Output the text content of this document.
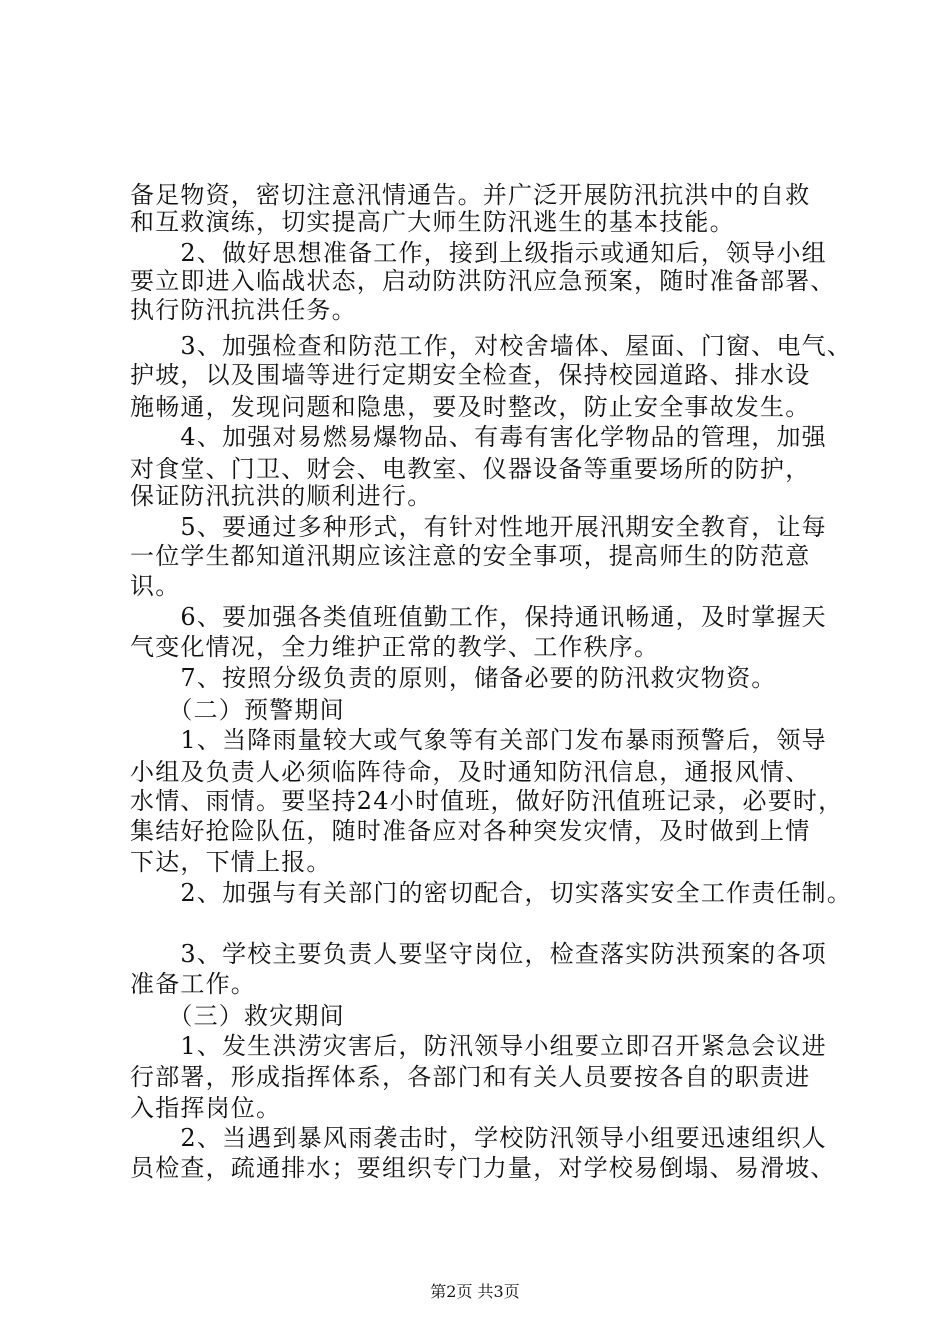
备足物资，密切注意汛情通告。并广泛开展防汛抗洪中的自救
和互救演练，切实提高广大师生防汛逃生的基本技能。
　　2、做好思想准备工作，接到上级指示或通知后，领导小组
要立即进入临战状态，启动防洪防汛应急预案，随时准备部署、
执行防汛抗洪任务。
　　3、加强检查和防范工作，对校舍墙体、屋面、门窗、电气、
护坡，以及围墙等进行定期安全检查，保持校园道路、排水设
施畅通，发现问题和隐患，要及时整改，防止安全事故发生。
　　4、加强对易燃易爆物品、有毒有害化学物品的管理，加强
对食堂、门卫、财会、电教室、仪器设备等重要场所的防护，
保证防汛抗洪的顺利进行。
　　5、要通过多种形式，有针对性地开展汛期安全教育，让每
一位学生都知道汛期应该注意的安全事项，提高师生的防范意
识。
　　6、要加强各类值班值勤工作，保持通讯畅通，及时掌握天
气变化情况，全力维护正常的教学、工作秩序。
　　7、按照分级负责的原则，储备必要的防汛救灾物资。
　　（二）预警期间
　　1、当降雨量较大或气象等有关部门发布暴雨预警后，领导
小组及负责人必须临阵待命，及时通知防汛信息，通报风情、
水情、雨情。要坚持24小时值班，做好防汛值班记录，必要时，
集结好抢险队伍，随时准备应对各种突发灾情，及时做到上情
下达，下情上报。
　　2、加强与有关部门的密切配合，切实落实安全工作责任制。
　　3、学校主要负责人要坚守岗位，检查落实防洪预案的各项
准备工作。
　　（三）救灾期间
　　1、发生洪涝灾害后，防汛领导小组要立即召开紧急会议进
行部署，形成指挥体系，各部门和有关人员要按各自的职责进
入指挥岗位。
　　2、当遇到暴风雨袭击时，学校防汛领导小组要迅速组织人
员检查，疏通排水；要组织专门力量，对学校易倒塌、易滑坡、
第2页 共3页
